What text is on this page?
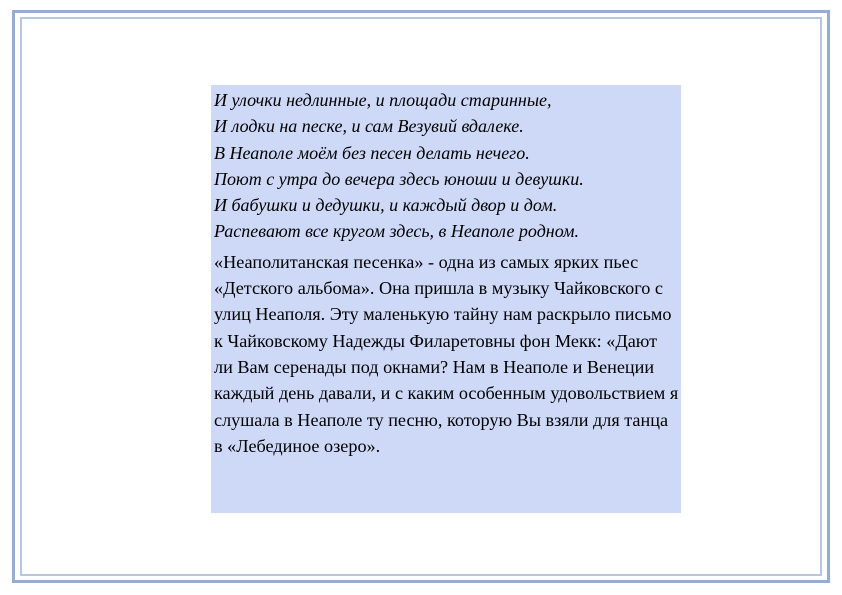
И улочки недлинные, и площади старинные,
И лодки на песке, и сам Везувий вдалеке.
В Неаполе моём без песен делать нечего.
Поют с утра до вечера здесь юноши и девушки.
И бабушки и дедушки, и каждый двор и дом.
Распевают все кругом здесь, в Неаполе родном.

«Неаполитанская песенка» - одна из самых ярких пьес «Детского альбома». Она пришла в музыку Чайковского с улиц Неаполя. Эту маленькую тайну нам раскрыло письмо к Чайковскому Надежды Филаретовны фон Мекк: «Дают ли Вам серенады под окнами? Нам в Неаполе и Венеции каждый день давали, и с каким особенным удовольствием я слушала в Неаполе ту песню, которую Вы взяли для танца в «Лебединое озеро».
